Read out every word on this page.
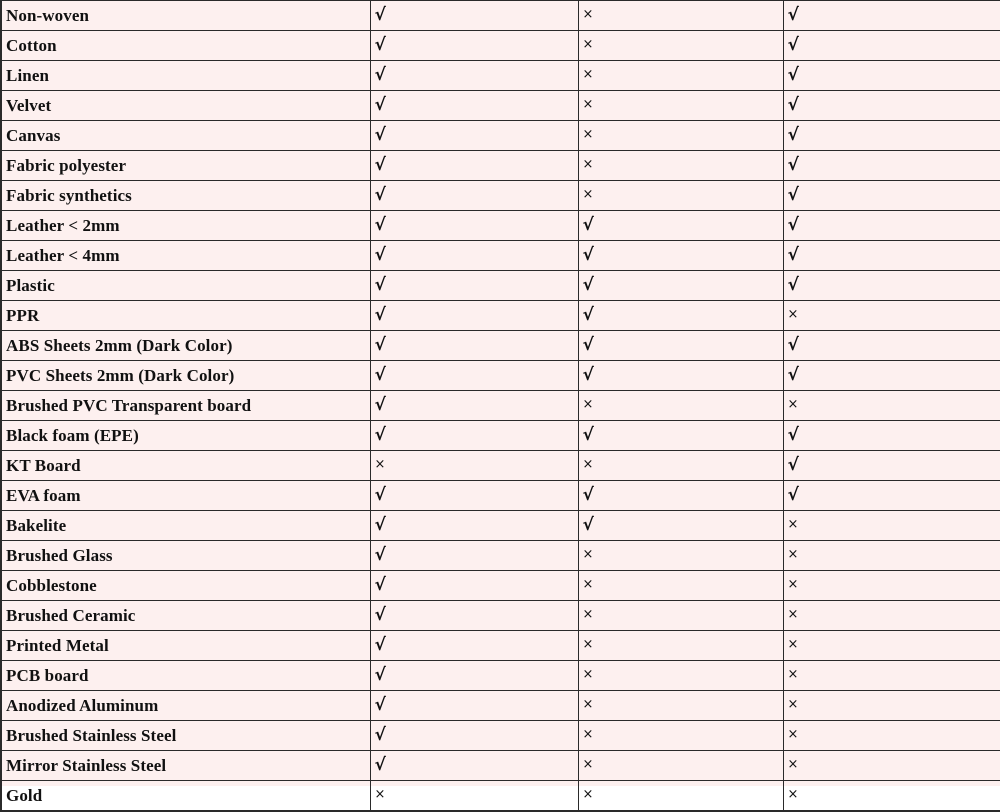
Non-woven	√	×	√
Cotton	√	×	√
Linen	√	×	√
Velvet	√	×	√
Canvas	√	×	√
Fabric polyester	√	×	√
Fabric synthetics	√	×	√
Leather < 2mm	√	√	√
Leather < 4mm	√	√	√
Plastic	√	√	√
PPR	√	√	×
ABS Sheets 2mm (Dark Color)	√	√	√
PVC Sheets 2mm (Dark Color)	√	√	√
Brushed PVC Transparent board	√	×	×
Black foam (EPE)	√	√	√
KT Board	×	×	√
EVA foam	√	√	√
Bakelite	√	√	×
Brushed Glass	√	×	×
Cobblestone	√	×	×
Brushed Ceramic	√	×	×
Printed Metal	√	×	×
PCB board	√	×	×
Anodized Aluminum	√	×	×
Brushed Stainless Steel	√	×	×
Mirror Stainless Steel	√	×	×
Gold	×	×	×
